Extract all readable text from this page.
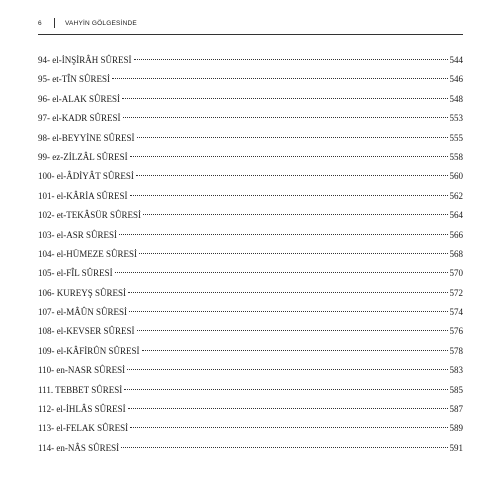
6	VAHYİN GÖLGESİNDE
94- el-İNŞİRÂH SÛRESİ	544
95- et-TÎN SÛRESİ	546
96- el-ALAK SÛRESİ	548
97- el-KADR SÛRESİ	553
98- el-BEYYİNE SÛRESİ	555
99- ez-ZİLZÂL SÛRESİ	558
100- el-ÂDİYÂT SÛRESİ	560
101- el-KÂRİA SÛRESİ	562
102- et-TEKÂSÜR SÛRESİ	564
103- el-ASR SÛRESİ	566
104- el-HÜMEZE SÛRESİ	568
105- el-FÎL SÛRESİ	570
106- KUREYŞ SÛRESİ	572
107- el-MÂÛN SÛRESİ	574
108- el-KEVSER SÛRESİ	576
109- el-KÂFİRÛN SÛRESİ	578
110- en-NASR SÛRESİ	583
111. TEBBET SÛRESİ	585
112- el-İHLÂS SÛRESİ	587
113- el-FELAK SÛRESİ	589
114- en-NÂS SÛRESİ	591
